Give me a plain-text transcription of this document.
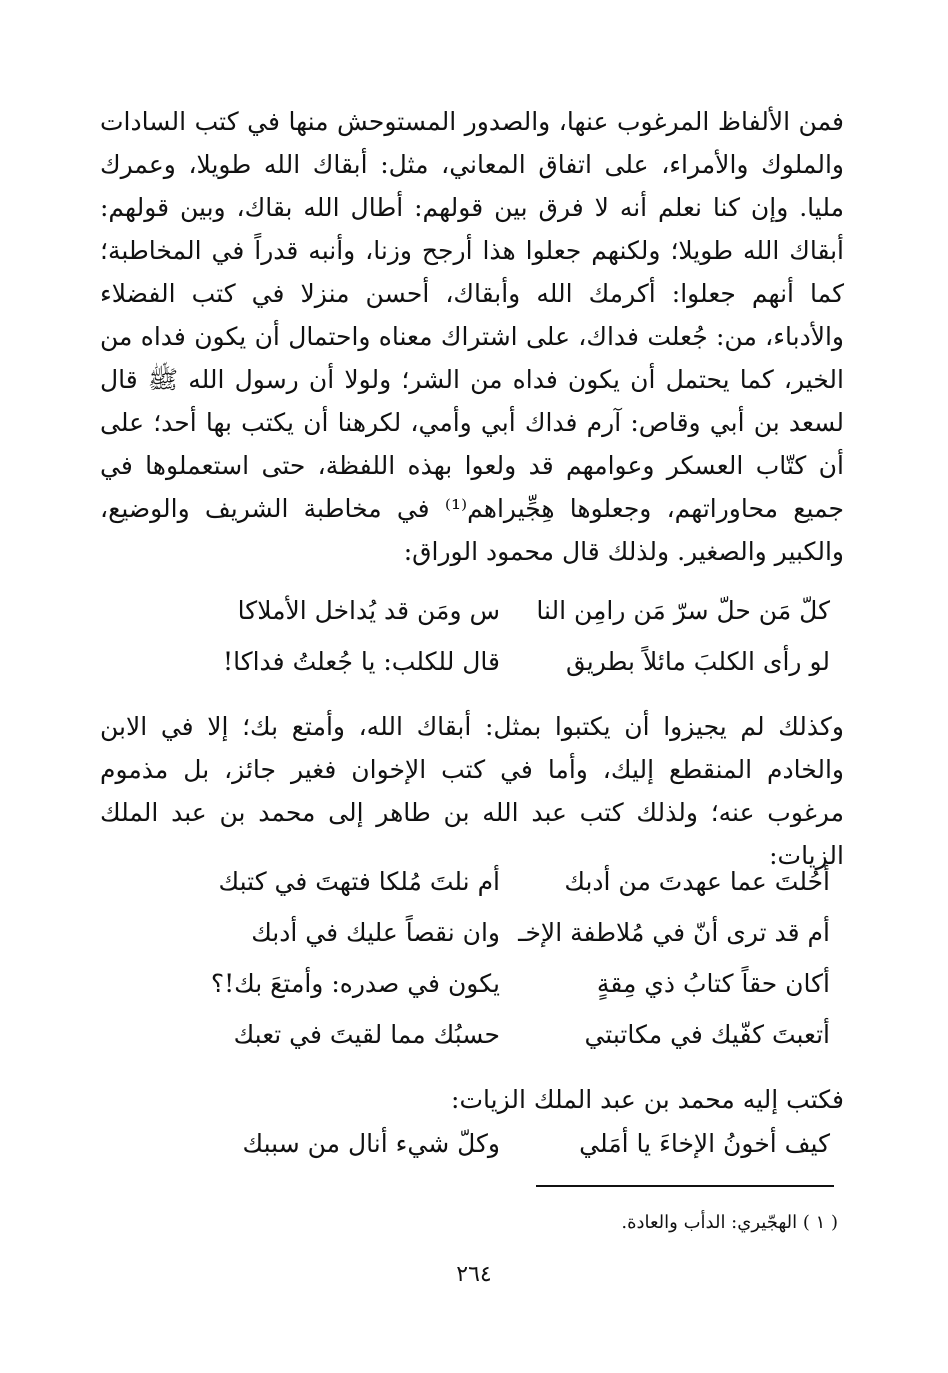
فمن الألفاظ المرغوب عنها، والصدور المستوحش منها في كتب السادات والملوك والأمراء، على اتفاق المعاني، مثل: أبقاك الله طويلا، وعمرك مليا. وإن كنا نعلم أنه لا فرق بين قولهم: أطال الله بقاك، وبين قولهم: أبقاك الله طويلا؛ ولكنهم جعلوا هذا أرجح وزنا، وأنبه قدراً في المخاطبة؛ كما أنهم جعلوا: أكرمك الله وأبقاك، أحسن منزلا في كتب الفضلاء والأدباء، من: جُعلت فداك، على اشتراك معناه واحتمال أن يكون فداه من الخير، كما يحتمل أن يكون فداه من الشر؛ ولولا أن رسول الله ﷺ قال لسعد بن أبي وقاص: آرم فداك أبي وأمي، لكرهنا أن يكتب بها أحد؛ على أن كتّاب العسكر وعوامهم قد ولعوا بهذه اللفظة، حتى استعملوها في جميع محاوراتهم، وجعلوها هِجِّيراهم⁽¹⁾ في مخاطبة الشريف والوضيع، والكبير والصغير. ولذلك قال محمود الوراق:

كلّ مَن حلّ سرّ مَن رامِن النا
س ومَن قد يُداخل الأملاكا
لو رأى الكلبَ مائلاً بطريق
قال للكلب: يا جُعلتُ فداكا!

وكذلك لم يجيزوا أن يكتبوا بمثل: أبقاك الله، وأمتع بك؛ إلا في الابن والخادم المنقطع إليك، وأما في كتب الإخوان فغير جائز، بل مذموم مرغوب عنه؛ ولذلك كتب عبد الله بن طاهر إلى محمد بن عبد الملك الزيات:

أحُلتَ عما عهدتَ من أدبك
أم نلتَ مُلكا فتهتَ في كتبك
أم قد ترى أنّ في مُلاطفة الإخـ
وان نقصاً عليك في أدبك
أكان حقاً كتابُ ذي مِقةٍ
يكون في صدره: وأمتعَ بك!؟
أتعبتَ كفّيك في مكاتبتي
حسبُك مما لقيتَ في تعبك

فكتب إليه محمد بن عبد الملك الزيات:

كيف أخونُ الإخاءَ يا أمَلي
وكلّ شيء أنال من سببك
( ١ ) الهجّيري: الدأب والعادة.
٢٦٤
